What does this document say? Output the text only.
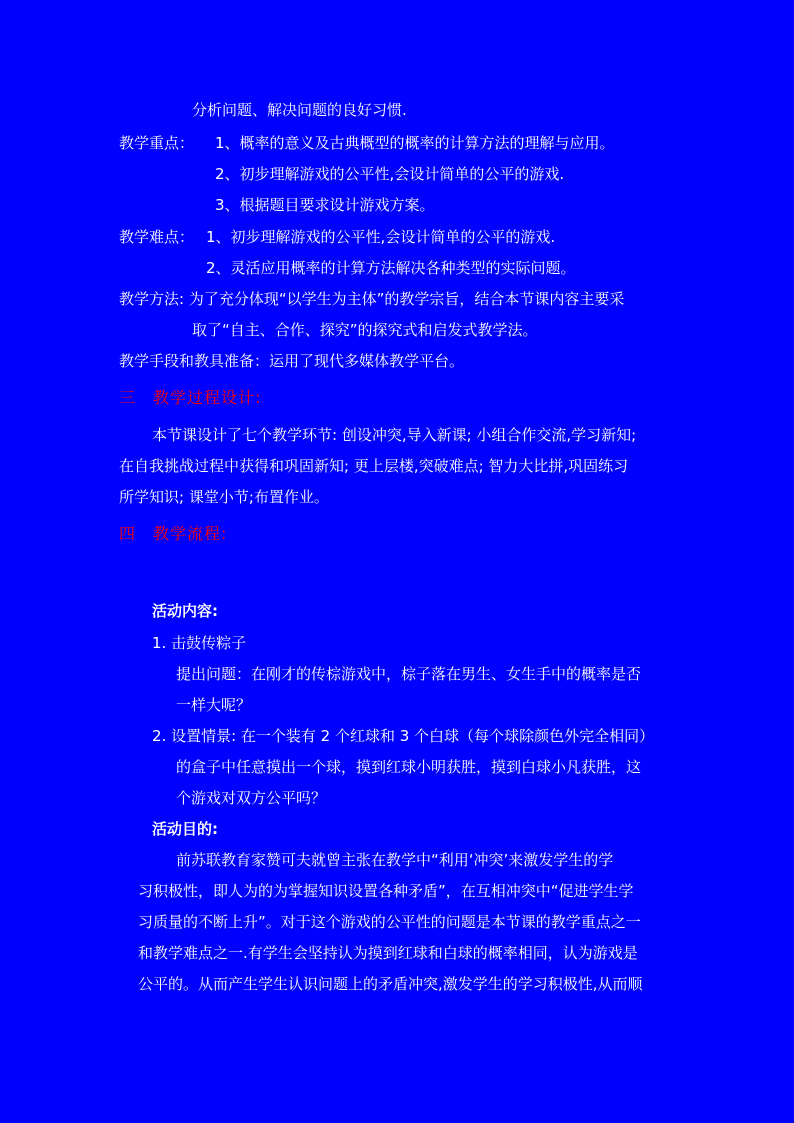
分析问题、解决问题的良好习惯.
教学重点： 1、概率的意义及古典概型的概率的计算方法的理解与应用。
2、初步理解游戏的公平性,会设计简单的公平的游戏.
3、根据题目要求设计游戏方案。
教学难点： 1、初步理解游戏的公平性,会设计简单的公平的游戏.
2、灵活应用概率的计算方法解决各种类型的实际问题。
教学方法: 为了充分体现“以学生为主体”的教学宗旨，结合本节课内容主要采
取了“自主、合作、探究”的探究式和启发式教学法。
教学手段和教具准备：运用了现代多媒体教学平台。
三　教学过程设计:
本节课设计了七个教学环节: 创设冲突,导入新课; 小组合作交流,学习新知;
在自我挑战过程中获得和巩固新知; 更上层楼,突破难点; 智力大比拼,巩固练习
所学知识; 课堂小节;布置作业。
四　教学流程:
活动内容:
1. 击鼓传粽子
提出问题：在刚才的传棕游戏中，棕子落在男生、女生手中的概率是否
一样大呢？
2. 设置情景: 在一个装有 2 个红球和 3 个白球（每个球除颜色外完全相同）
的盒子中任意摸出一个球，摸到红球小明获胜，摸到白球小凡获胜，这
个游戏对双方公平吗？
活动目的:
前苏联教育家赞可夫就曾主张在教学中“利用‘冲突’来激发学生的学
习积极性，即人为的为掌握知识设置各种矛盾”，在互相冲突中“促进学生学
习质量的不断上升”。对于这个游戏的公平性的问题是本节课的教学重点之一
和教学难点之一.有学生会坚持认为摸到红球和白球的概率相同，认为游戏是
公平的。从而产生学生认识问题上的矛盾冲突,激发学生的学习积极性,从而顺
